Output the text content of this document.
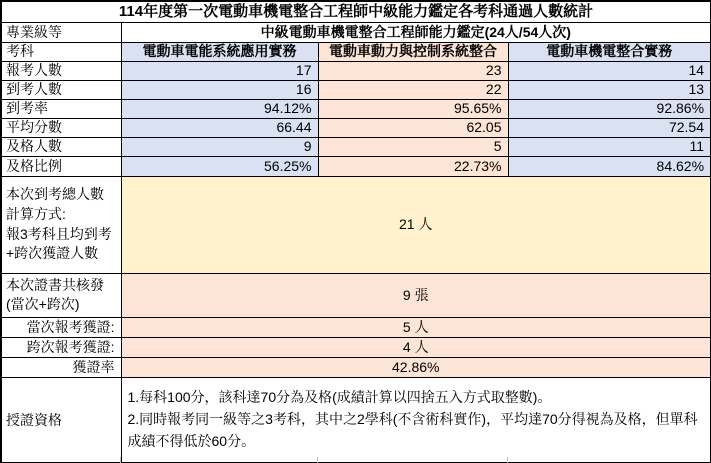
114年度第一次電動車機電整合工程師中級能力鑑定各考科通過人數統計			
專業級等	中級電動車機電整合工程師能力鑑定(24人/54人次)		
考科	電動車電能系統應用實務	電動車動力與控制系統整合	電動車機電整合實務
報考人數	17	23	14
到考人數	16	22	13
到考率	94.12%	95.65%	92.86%
平均分數	66.44	62.05	72.54
及格人數	9	5	11
及格比例	56.25%	22.73%	84.62%

本次到考總人數
計算方式:
報3考科且均到考
+跨次獲證人數	21 人		

本次證書共核發
(當次+跨次)	9 張		
當次報考獲證:	5 人		
跨次報考獲證:	4 人		
獲證率	42.86%		
授證資格	1.每科100分，該科達70分為及格(成績計算以四捨五入方式取整數)。
2.同時報考同一級等之3考科，其中之2學科(不含術科實作)，平均達70分得視為及格，但單科成績不得低於60分。		
